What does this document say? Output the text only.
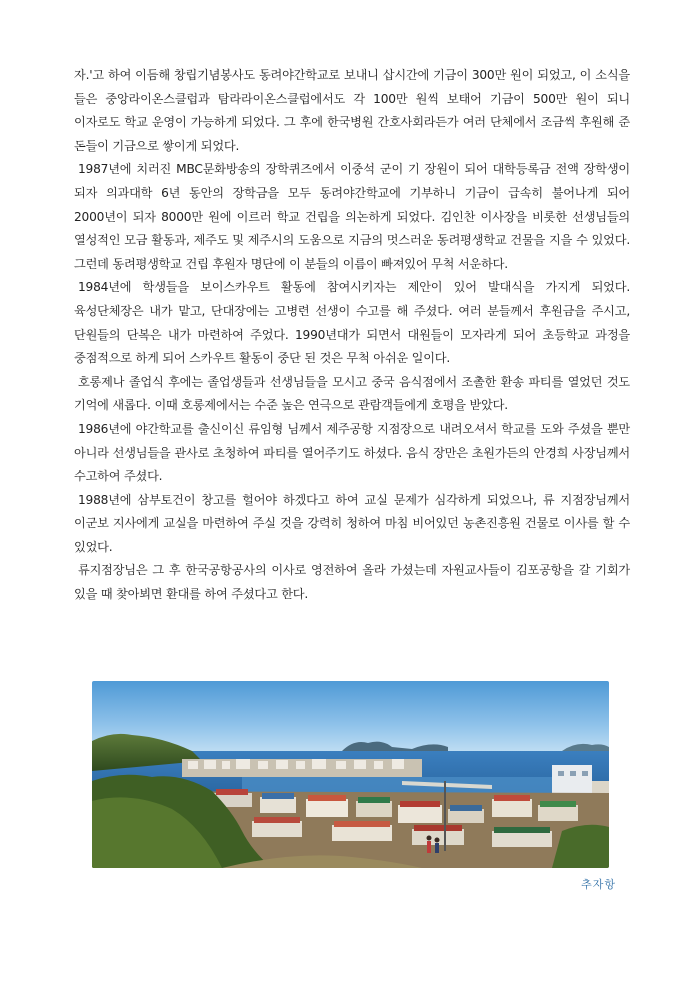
자.'고 하여 이듬해 창립기념봉사도 동려야간학교로 보내니 삽시간에 기금이 300만 원이 되었고, 이 소식을 들은 중앙라이온스클럽과 탐라라이온스클럽에서도 각 100만 원씩 보태어 기금이 500만 원이 되니 이자로도 학교 운영이 가능하게 되었다. 그 후에 한국병원 간호사회라든가 여러 단체에서 조금씩 후원해 준 돈들이 기금으로 쌓이게 되었다.

1987년에 치러진 MBC문화방송의 장학퀴즈에서 이중석 군이 기 장원이 되어 대학등록금 전액 장학생이 되자 의과대학 6년 동안의 장학금을 모두 동려야간학교에 기부하니 기금이 급속히 불어나게 되어 2000년이 되자 8000만 원에 이르러 학교 건립을 의논하게 되었다. 김인찬 이사장을 비롯한 선생님들의 열성적인 모금 활동과, 제주도 및 제주시의 도움으로 지금의 멋스러운 동려평생학교 건물을 지을 수 있었다. 그런데 동려평생학교 건립 후원자 명단에 이 분들의 이름이 빠져있어 무척 서운하다.

1984년에 학생들을 보이스카우트 활동에 참여시키자는 제안이 있어 발대식을 가지게 되었다. 육성단체장은 내가 맡고, 단대장에는 고병련 선생이 수고를 해 주셨다. 여러 분들께서 후원금을 주시고, 단원들의 단복은 내가 마련하여 주었다. 1990년대가 되면서 대원들이 모자라게 되어 초등학교 과정을 중점적으로 하게 되어 스카우트 활동이 중단 된 것은 무척 아쉬운 일이다.

호롱제나 졸업식 후에는 졸업생들과 선생님들을 모시고 중국 음식점에서 조촐한 환송 파티를 열었던 것도 기억에 새롭다. 이때 호롱제에서는 수준 높은 연극으로 관람객들에게 호평을 받았다.

1986년에 야간학교를 출신이신 류임형 님께서 제주공항 지점장으로 내려오셔서 학교를 도와 주셨을 뿐만 아니라 선생님들을 관사로 초청하여 파티를 열어주기도 하셨다. 음식 장만은 초원가든의 안경희 사장님께서 수고하여 주셨다.

1988년에 삼부토건이 창고를 헐어야 하겠다고 하여 교실 문제가 심각하게 되었으나, 류 지점장님께서 이군보 지사에게 교실을 마련하여 주실 것을 강력히 청하여 마침 비어있던 농촌진흥원 건물로 이사를 할 수 있었다.

류지점장님은 그 후 한국공항공사의 이사로 영전하여 올라 가셨는데 자원교사들이 김포공항을 갈 기회가 있을 때 찾아뵈면 환대를 하여 주셨다고 한다.

추자항
